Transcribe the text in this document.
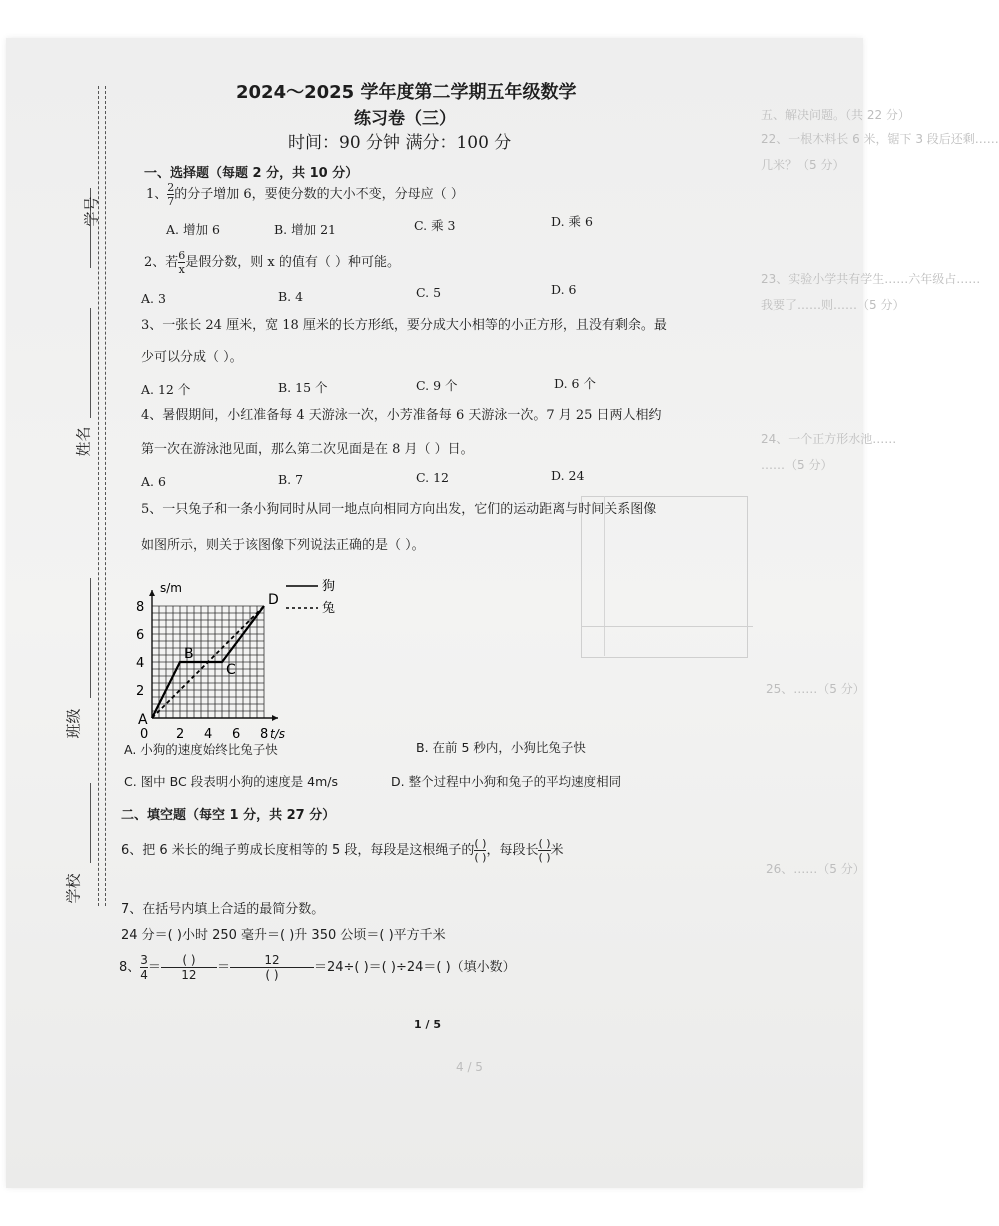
五、解决问题。（共 22 分）
22、一根木料长 6 米，锯下 3 段后还剩……
几米？（5 分）
23、实验小学共有学生……六年级占……
我要了……则……（5 分）
24、一个正方形水池……
……（5 分）
25、……（5 分）
26、……（5 分）
4 / 5
学号
姓名
班级
学校
2024～2025 学年度第二学期五年级数学
练习卷（三）
时间：90 分钟 满分：100 分
一、选择题（每题 2 分，共 10 分）
1、 $\frac{2}{7}$ 的分子增加 6，要使分数的大小不变，分母应（ ）
A. 增加 6	B. 增加 21	C. 乘 3	D. 乘 6
2、若 $\frac{6}{x}$ 是假分数，则 x 的值有（ ）种可能。
A. 3	B. 4	C. 5	D. 6
3、一张长 24 厘米，宽 18 厘米的长方形纸，要分成大小相等的小正方形，且没有剩余。最
少可以分成（ ）。
A. 12 个	B. 15 个	C. 9 个	D. 6 个
4、暑假期间，小红准备每 4 天游泳一次，小芳准备每 6 天游泳一次。7 月 25 日两人相约
第一次在游泳池见面，那么第二次见面是在 8 月（ ）日。
A. 6	B. 7	C. 12	D. 24
5、一只兔子和一条小狗同时从同一地点向相同方向出发，它们的运动距离与时间关系图像
如图所示，则关于该图像下列说法正确的是（ ）。
s/m
t/s
0 2 4 6 8
2
4
6
8
A
B
C
D
狗
兔
A. 小狗的速度始终比兔子快	B. 在前 5 秒内，小狗比兔子快
C. 图中 BC 段表明小狗的速度是 4m/s	D. 整个过程中小狗和兔子的平均速度相同
二、填空题（每空 1 分，共 27 分）
6、把 6 米长的绳子剪成长度相等的 5 段，每段是这根绳子的 $\frac{( )}{( )}$ ，每段长 $\frac{( )}{( )}$ 米
7、在括号内填上合适的最简分数。
24 分＝( )小时 250 毫升＝( )升 350 公顷＝( )平方千米
8、 $\frac{3}{4} = \frac{( )}{12} = \frac{12}{( )} =24\div$( )＝( )÷24＝( )（填小数）
1 / 5
